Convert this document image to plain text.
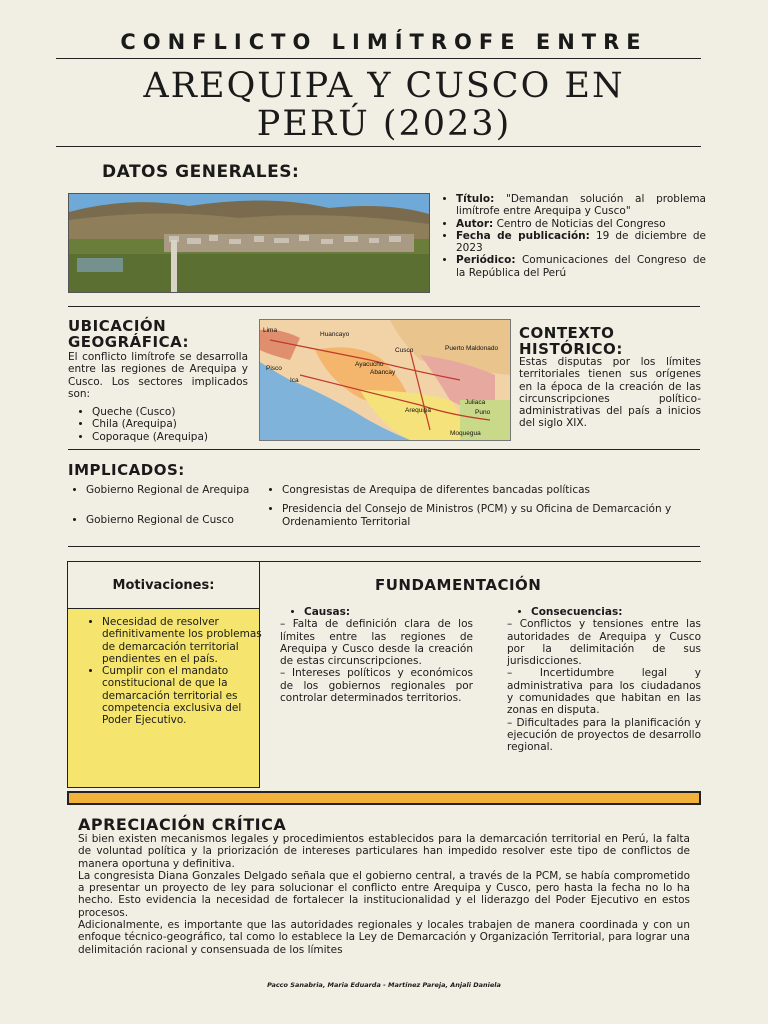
CONFLICTO LIMÍTROFE ENTRE
AREQUIPA Y CUSCO EN
PERÚ (2023)
DATOS GENERALES:
• Título: "Demandan solución al problema limítrofe entre Arequipa y Cusco"
• Autor: Centro de Noticias del Congreso
• Fecha de publicación: 19 de diciembre de 2023
• Periódico: Comunicaciones del Congreso de la República del Perú
UBICACIÓN
GEOGRÁFICA:
El conflicto limítrofe se desarrolla entre las regiones de Arequipa y Cusco. Los sectores implicados son:
• Queche (Cusco)
• Chila (Arequipa)
• Coporaque (Arequipa)
Lima
Huancayo
Cusco	Puerto Maldonado
Ayacucho
Abancay
Pisco
Ica
Arequipa
Juliaca
Puno
Moquegua
CONTEXTO
HISTÓRICO:
Estas disputas por los límites territoriales tienen sus orígenes en la época de la creación de las circunscripciones político-administrativas del país a inicios del siglo XIX.
IMPLICADOS:
• Gobierno Regional de Arequipa
• Gobierno Regional de Cusco
• Congresistas de Arequipa de diferentes bancadas políticas
• Presidencia del Consejo de Ministros (PCM) y su Oficina de Demarcación y Ordenamiento Territorial
Motivaciones:
• Necesidad de resolver definitivamente los problemas de demarcación territorial pendientes en el país.
• Cumplir con el mandato constitucional de que la demarcación territorial es competencia exclusiva del Poder Ejecutivo.
FUNDAMENTACIÓN
• Causas:
– Falta de definición clara de los límites entre las regiones de Arequipa y Cusco desde la creación de estas circunscripciones.
– Intereses políticos y económicos de los gobiernos regionales por controlar determinados territorios.
• Consecuencias:
– Conflictos y tensiones entre las autoridades de Arequipa y Cusco por la delimitación de sus jurisdicciones.
– Incertidumbre legal y administrativa para los ciudadanos y comunidades que habitan en las zonas en disputa.
– Dificultades para la planificación y ejecución de proyectos de desarrollo regional.
APRECIACIÓN CRÍTICA
Si bien existen mecanismos legales y procedimientos establecidos para la demarcación territorial en Perú, la falta de voluntad política y la priorización de intereses particulares han impedido resolver este tipo de conflictos de manera oportuna y definitiva.
La congresista Diana Gonzales Delgado señala que el gobierno central, a través de la PCM, se había comprometido a presentar un proyecto de ley para solucionar el conflicto entre Arequipa y Cusco, pero hasta la fecha no lo ha hecho. Esto evidencia la necesidad de fortalecer la institucionalidad y el liderazgo del Poder Ejecutivo en estos procesos.
Adicionalmente, es importante que las autoridades regionales y locales trabajen de manera coordinada y con un enfoque técnico-geográfico, tal como lo establece la Ley de Demarcación y Organización Territorial, para lograr una delimitación racional y consensuada de los límites
Pacco Sanabria, Maria Eduarda - Martinez Pareja, Anjali Daniela
